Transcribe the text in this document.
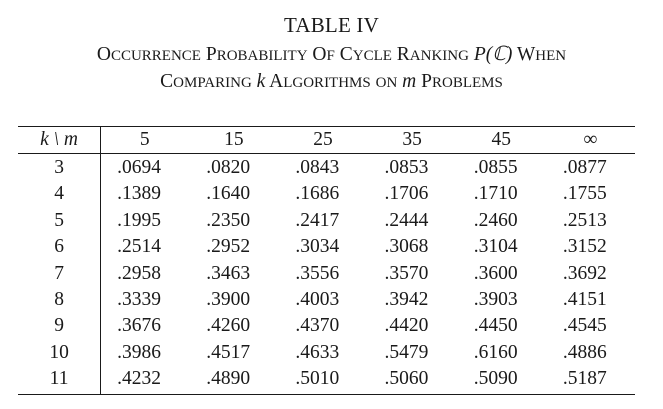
TABLE IV
OCCURRENCE PROBABILITY OF CYCLE RANKING P(ℂ) WHEN
COMPARING k ALGORITHMS ON m PROBLEMS
k \ m	5	15	25	35	45	∞
3	.0694	.0820	.0843	.0853	.0855	.0877
4	.1389	.1640	.1686	.1706	.1710	.1755
5	.1995	.2350	.2417	.2444	.2460	.2513
6	.2514	.2952	.3034	.3068	.3104	.3152
7	.2958	.3463	.3556	.3570	.3600	.3692
8	.3339	.3900	.4003	.3942	.3903	.4151
9	.3676	.4260	.4370	.4420	.4450	.4545
10	.3986	.4517	.4633	.5479	.6160	.4886
11	.4232	.4890	.5010	.5060	.5090	.5187
